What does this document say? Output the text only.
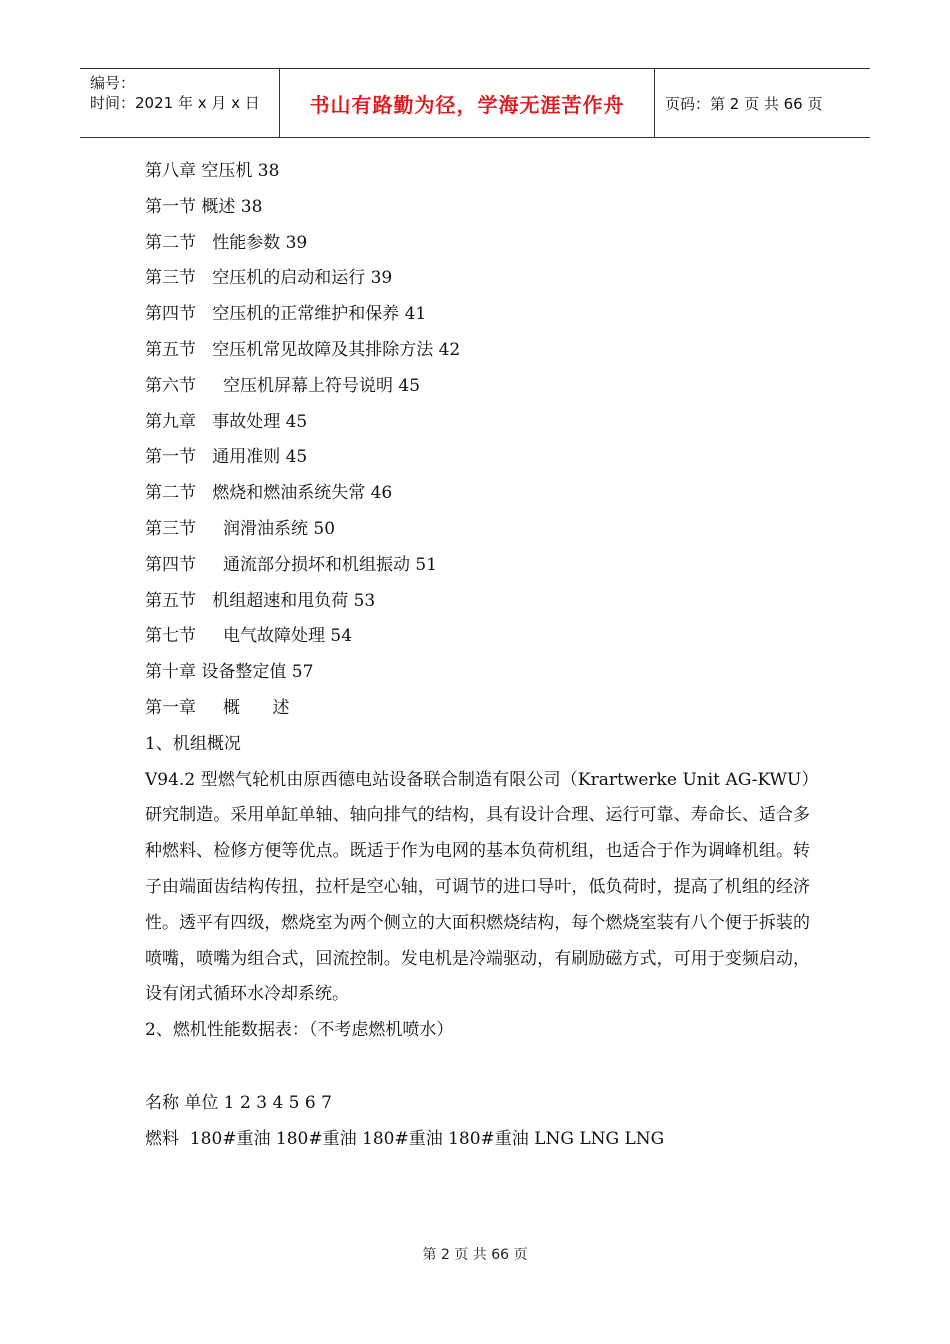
编号：
时间：2021 年 x 月 x 日	书山有路勤为径，学海无涯苦作舟	页码：第 2 页 共 66 页
第八章 空压机 38
第一节 概述 38
第二节   性能参数 39
第三节   空压机的启动和运行 39
第四节   空压机的正常维护和保养 41
第五节   空压机常见故障及其排除方法 42
第六节     空压机屏幕上符号说明 45
第九章   事故处理 45
第一节   通用准则 45
第二节   燃烧和燃油系统失常 46
第三节     润滑油系统 50
第四节     通流部分损坏和机组振动 51
第五节   机组超速和甩负荷 53
第七节     电气故障处理 54
第十章 设备整定值 57
第一章     概      述
1、机组概况
V94.2 型燃气轮机由原西德电站设备联合制造有限公司（Krartwerke Unit AG-KWU）研究制造。采用单缸单轴、轴向排气的结构，具有设计合理、运行可靠、寿命长、适合多种燃料、检修方便等优点。既适于作为电网的基本负荷机组，也适合于作为调峰机组。转子由端面齿结构传扭，拉杆是空心轴，可调节的进口导叶，低负荷时，提高了机组的经济性。透平有四级，燃烧室为两个侧立的大面积燃烧结构，每个燃烧室装有八个便于拆装的喷嘴，喷嘴为组合式，回流控制。发电机是冷端驱动，有刷励磁方式，可用于变频启动，设有闭式循环水冷却系统。
2、燃机性能数据表：（不考虑燃机喷水）
名称 单位 1 2 3 4 5 6 7
燃料  180#重油 180#重油 180#重油 180#重油 LNG LNG LNG
第 2 页 共 66 页
